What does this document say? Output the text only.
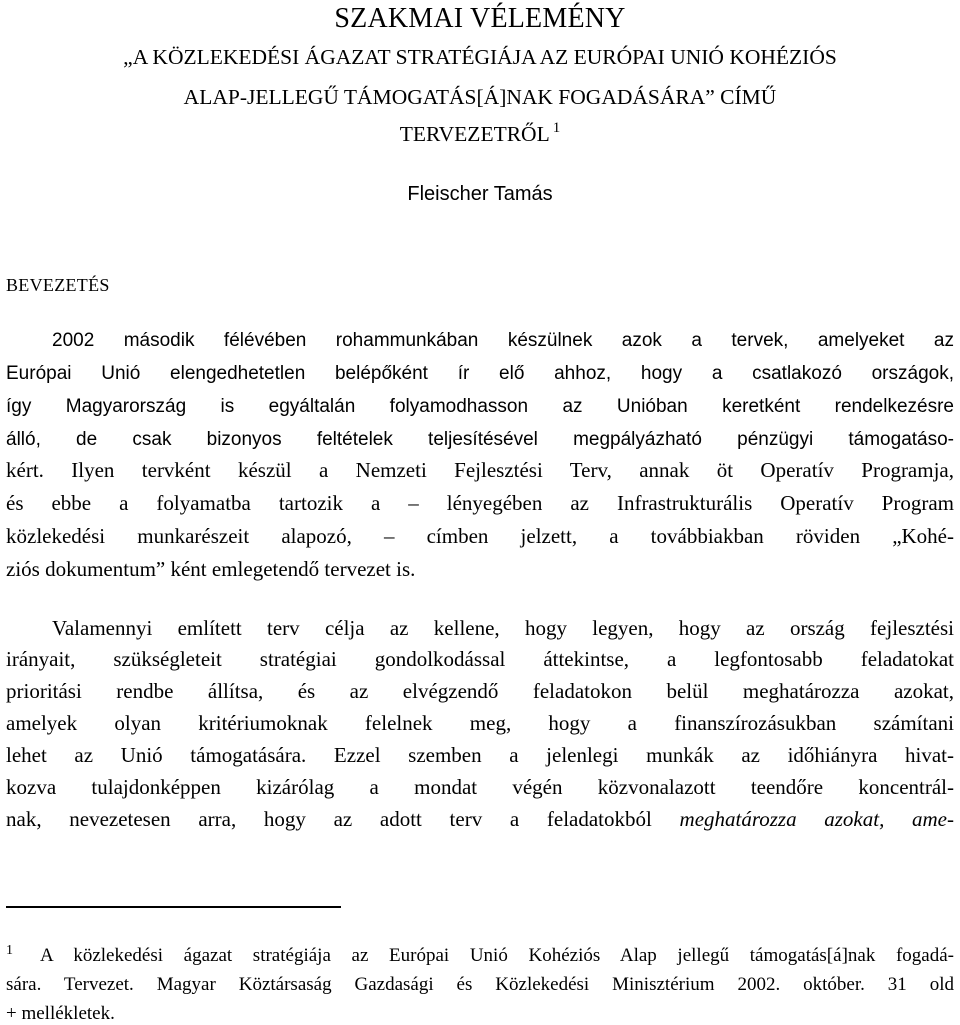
SZAKMAI VÉLEMÉNY
„A KÖZLEKEDÉSI ÁGAZAT STRATÉGIÁJA AZ EURÓPAI UNIÓ KOHÉZIÓS
ALAP-JELLEGŰ TÁMOGATÁS[Á]NAK FOGADÁSÁRA” CÍMŰ
TERVEZETRŐL $^1$
Fleischer Tamás
BEVEZETÉS
2002 második félévében rohammunkában készülnek azok a tervek, amelyeket az
Európai Unió elengedhetetlen belépőként ír elő ahhoz, hogy a csatlakozó országok,
így Magyarország is egyáltalán folyamodhasson az Unióban keretként rendelkezésre
álló, de csak bizonyos feltételek teljesítésével megpályázható pénzügyi támogatáso-
kért. Ilyen tervként készül a Nemzeti Fejlesztési Terv, annak öt Operatív Programja,
és ebbe a folyamatba tartozik a – lényegében az Infrastrukturális Operatív Program
közlekedési munkarészeit alapozó, – címben jelzett, a továbbiakban röviden „Kohé-
ziós dokumentum” ként emlegetendő tervezet is.
Valamennyi említett terv célja az kellene, hogy legyen, hogy az ország fejlesztési
irányait, szükségleteit stratégiai gondolkodással áttekintse, a legfontosabb feladatokat
prioritási rendbe állítsa, és az elvégzendő feladatokon belül meghatározza azokat,
amelyek olyan kritériumoknak felelnek meg, hogy a finanszírozásukban számítani
lehet az Unió támogatására. Ezzel szemben a jelenlegi munkák az időhiányra hivat-
kozva tulajdonképpen kizárólag a mondat végén közvonalazott teendőre koncentrál-
nak, nevezetesen arra, hogy az adott terv a feladatokból meghatározza azokat, ame-
1 A közlekedési ágazat stratégiája az Európai Unió Kohéziós Alap jellegű támogatás[á]nak fogadá-
sára. Tervezet. Magyar Köztársaság Gazdasági és Közlekedési Minisztérium 2002. október. 31 old
+ mellékletek.
